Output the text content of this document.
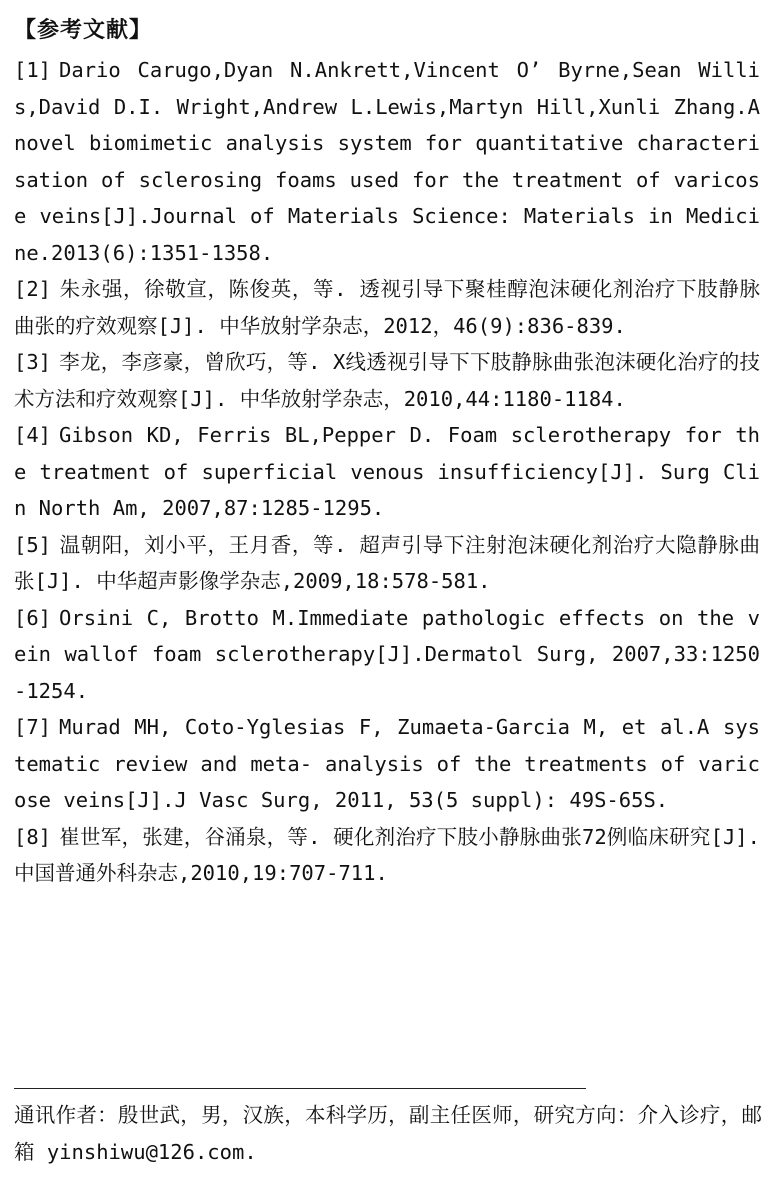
【参考文献】
[1] Dario Carugo,Dyan N.Ankrett,Vincent O’ Byrne,Sean Willis,David D.I. Wright,Andrew L.Lewis,Martyn Hill,Xunli Zhang.A novel biomimetic analysis system for quantitative characterisation of sclerosing foams used for the treatment of varicose veins[J].Journal of Materials Science: Materials in Medicine.2013(6):1351-1358.
[2] 朱永强，徐敬宣，陈俊英，等. 透视引导下聚桂醇泡沫硬化剂治疗下肢静脉曲张的疗效观察[J]. 中华放射学杂志，2012，46(9):836-839.
[3] 李龙，李彦豪，曾欣巧，等. X线透视引导下下肢静脉曲张泡沫硬化治疗的技术方法和疗效观察[J]. 中华放射学杂志，2010,44:1180-1184.
[4] Gibson KD, Ferris BL,Pepper D. Foam sclerotherapy for the treatment of superficial venous insufficiency[J]. Surg Clin North Am, 2007,87:1285-1295.
[5] 温朝阳，刘小平，王月香，等. 超声引导下注射泡沫硬化剂治疗大隐静脉曲张[J]. 中华超声影像学杂志,2009,18:578-581.
[6] Orsini C, Brotto M.Immediate pathologic effects on the vein wallof foam sclerotherapy[J].Dermatol Surg, 2007,33:1250-1254.
[7] Murad MH, Coto-Yglesias F, Zumaeta-Garcia M, et al.A systematic review and meta- analysis of the treatments of varicose veins[J].J Vasc Surg, 2011, 53(5 suppl): 49S-65S.
[8] 崔世军，张建，谷涌泉，等. 硬化剂治疗下肢小静脉曲张72例临床研究[J]. 中国普通外科杂志,2010,19:707-711.
通讯作者：殷世武，男，汉族，本科学历，副主任医师，研究方向：介入诊疗，邮箱 yinshiwu@126.com.
